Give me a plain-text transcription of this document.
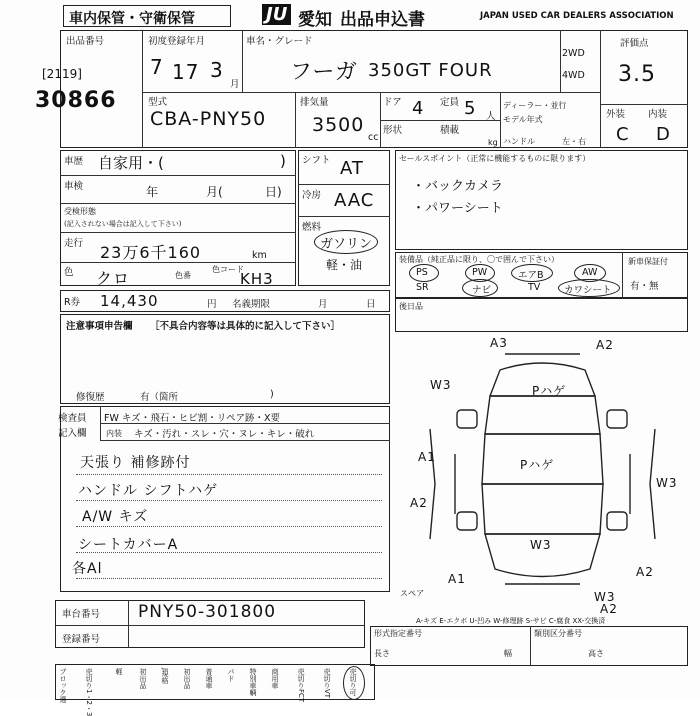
車内保管・守衛保管	JU 愛知 出品申込書	JAPAN USED CAR DEALERS ASSOCIATION
出品番号
[2119]
30866
初度登録年月
7 17 3
月
車名・グレード
フーガ 350GT FOUR
2WD
4WD
評価点
3.5
外装 内装
C D
型式
CBA-PNY50
排気量
3500
cc
ドア 4 定員 5 人
形状	積載
kg
ディーラー・並行
モデル年式
ハンドル	左・右
車歴 自家用・(	)
車検	年	月(	日)
受検形態
(記入されない場合は記入して下さい)
走行 23万6千160	km
色 クロ	色番
色コード
KH3
シフト AT
冷房 AAC
燃料
ガソリン
軽・油
セールスポイント（正常に機能するものに限ります）
・バックカメラ
・パワーシート
装備品（純正品に限り、〇で囲んで下さい）
PS	PW	エアB	AW
SR	ナビ	TV カワシート
新車保証付
有・無
後日品
R券 14,430	円 名義期限	月	日
注意事項申告欄 ［不具合内容等は具体的に記入して下さい］
修復歴	有（箇所	)
検査員
記入欄
FW キズ・飛石・ヒビ割・リペア跡・X要
内装 キズ・汚れ・スレ・穴・ヌレ・キレ・破れ
天張り 補修跡付
ハンドル シフトハゲ
A/W キズ
シートカバーA
各Al
A3	A2
W3	Pハゲ
Pハゲ
A1
A2
W3
A1
W3
A2
W3
A2
スペア
A-キズ E-エクボ U-凹み W-修理跡 S-サビ C-腐食 XX-交換済
車台番号 PNY50-301800
登録番号
形式指定番号	類別区分番号
長さ	幅	高さ
ブロック選	売切り1・2・3	軽 初出品 J規格 初出品 普通車 パド 特別車輌 商用車	売切りFCT	売切りVT	売切り可
